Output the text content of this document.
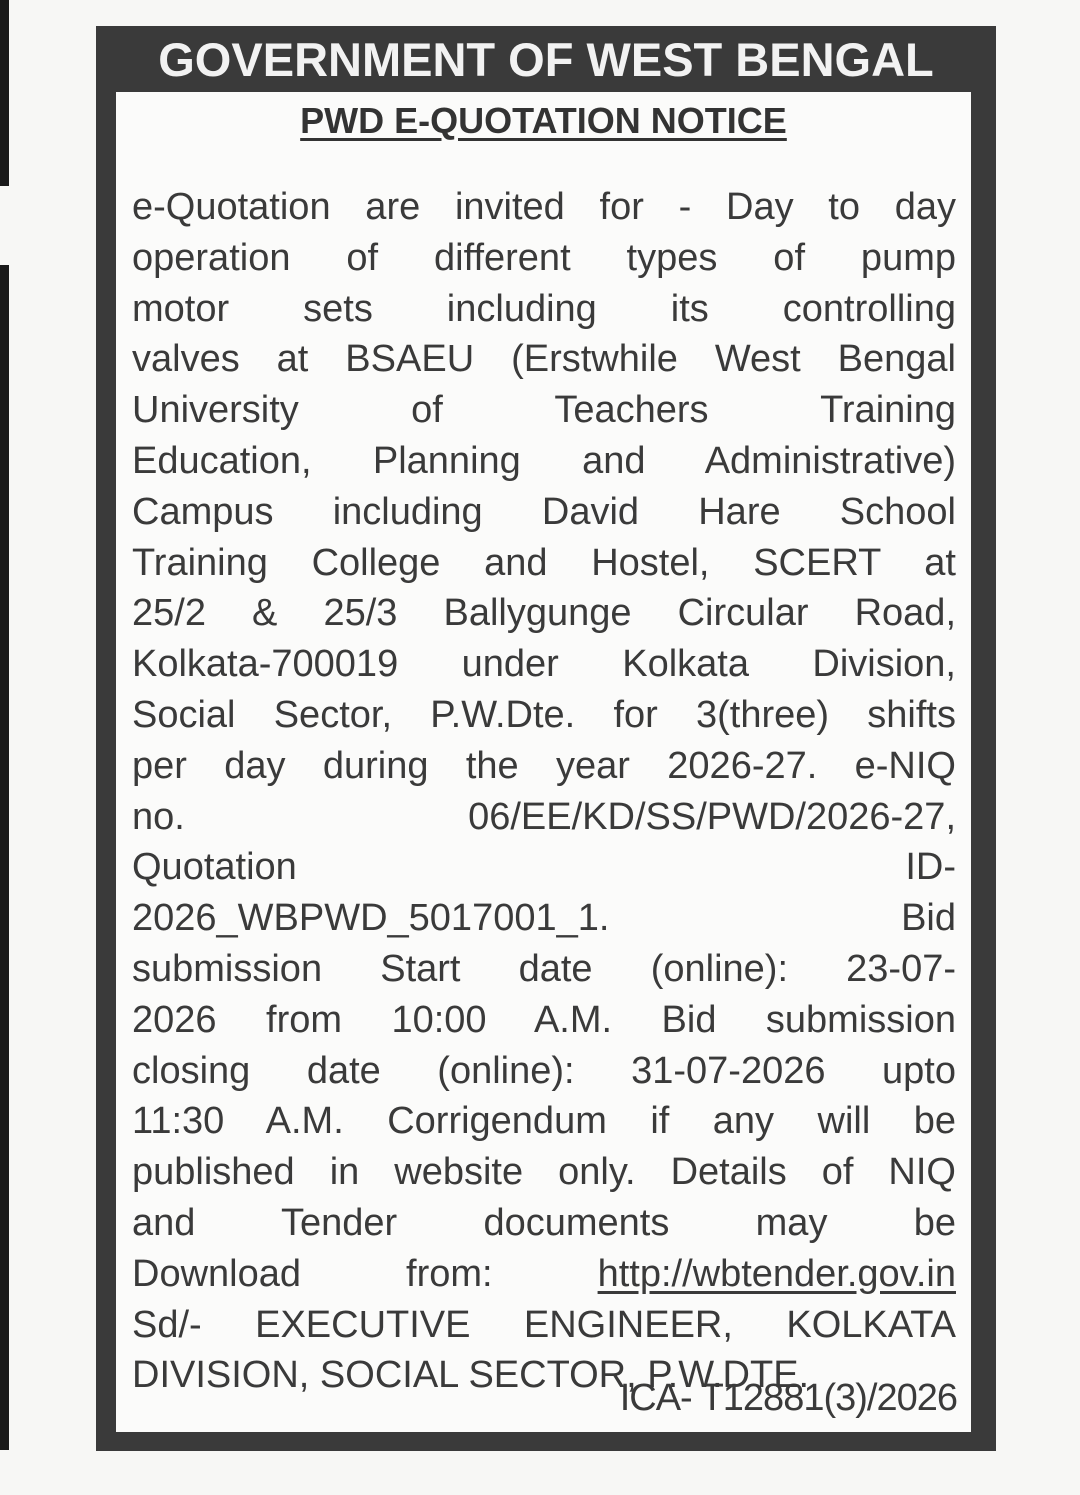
GOVERNMENT OF WEST BENGAL
PWD E-QUOTATION NOTICE
e-Quotation are invited for - Day to day
operation of different types of pump
motor sets including its controlling
valves at BSAEU (Erstwhile West Bengal
University of Teachers Training
Education, Planning and Administrative)
Campus including David Hare School
Training College and Hostel, SCERT at
25/2 & 25/3 Ballygunge Circular Road,
Kolkata-700019 under Kolkata Division,
Social Sector, P.W.Dte. for 3(three) shifts
per day during the year 2026-27. e-NIQ
no. 06/EE/KD/SS/PWD/2026-27,
Quotation ID-
2026_WBPWD_5017001_1. Bid
submission Start date (online): 23-07-
2026 from 10:00 A.M. Bid submission
closing date (online): 31-07-2026 upto
11:30 A.M. Corrigendum if any will be
published in website only. Details of NIQ
and Tender documents may be
Download from: http://wbtender.gov.in
Sd/- EXECUTIVE ENGINEER, KOLKATA
DIVISION, SOCIAL SECTOR, P.W.DTE.
ICA- T12881(3)/2026
